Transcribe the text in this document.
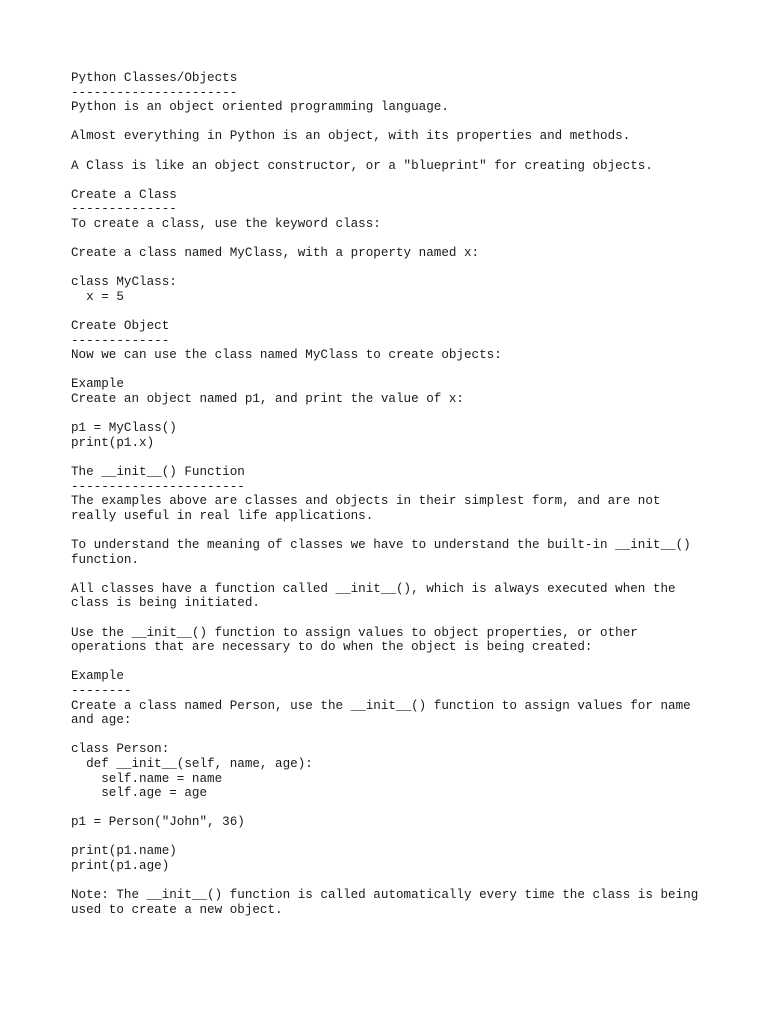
Python Classes/Objects
----------------------
Python is an object oriented programming language.
Almost everything in Python is an object, with its properties and methods.
A Class is like an object constructor, or a "blueprint" for creating objects.
Create a Class
--------------
To create a class, use the keyword class:
Create a class named MyClass, with a property named x:
class MyClass:
x = 5
Create Object
-------------
Now we can use the class named MyClass to create objects:
Example
Create an object named p1, and print the value of x:
p1 = MyClass()
print(p1.x)
The __init__() Function
-----------------------
The examples above are classes and objects in their simplest form, and are not
really useful in real life applications.
To understand the meaning of classes we have to understand the built-in __init__()
function.
All classes have a function called __init__(), which is always executed when the
class is being initiated.
Use the __init__() function to assign values to object properties, or other
operations that are necessary to do when the object is being created:
Example
--------
Create a class named Person, use the __init__() function to assign values for name
and age:
class Person:
def __init__(self, name, age):
self.name = name
self.age = age
p1 = Person("John", 36)
print(p1.name)
print(p1.age)
Note: The __init__() function is called automatically every time the class is being
used to create a new object.
